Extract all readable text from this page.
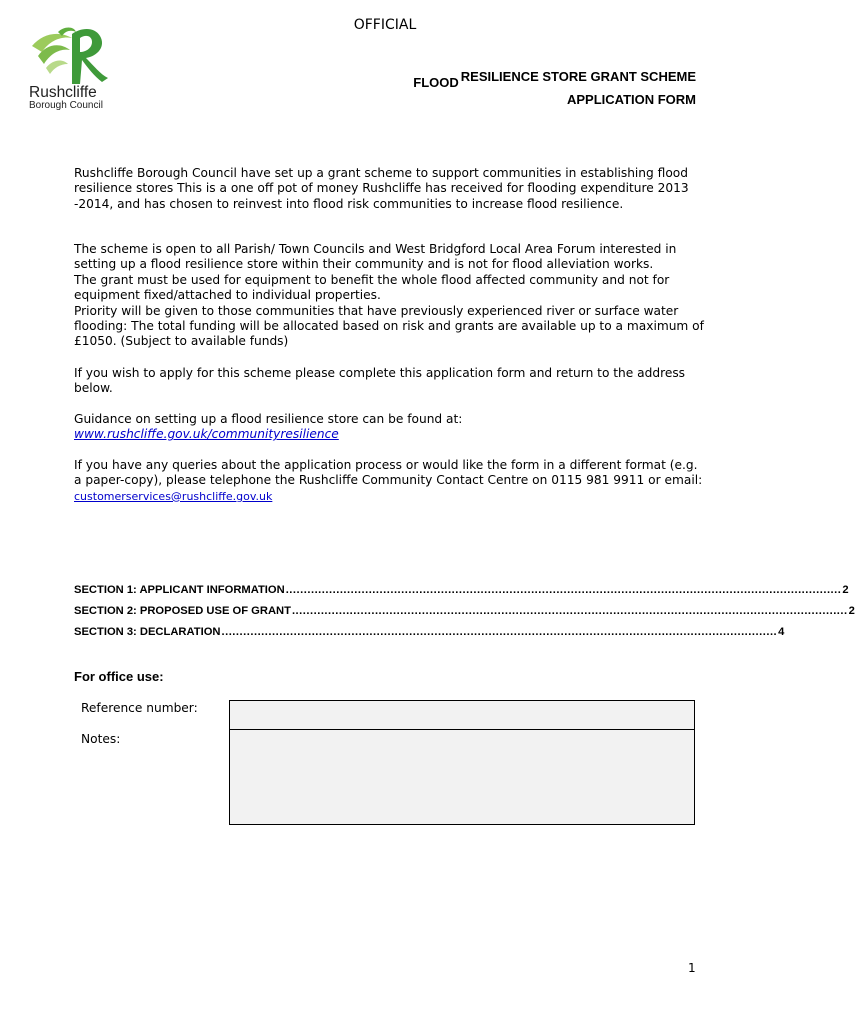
OFFICIAL
Rushcliffe
Borough Council
FLOOD RESILIENCE STORE GRANT SCHEME
APPLICATION FORM

Rushcliffe Borough Council have set up a grant scheme to support communities in establishing flood resilience stores This is a one off pot of money Rushcliffe has received for flooding expenditure 2013 -2014, and has chosen to reinvest into flood risk communities to increase flood resilience.

The scheme is open to all Parish/ Town Councils and West Bridgford Local Area Forum interested in setting up a flood resilience store within their community and is not for flood alleviation works.

The grant must be used for equipment to benefit the whole flood affected community and not for equipment fixed/attached to individual properties.

Priority will be given to those communities that have previously experienced river or surface water flooding: The total funding will be allocated based on risk and grants are available up to a maximum of £1050. (Subject to available funds)

If you wish to apply for this scheme please complete this application form and return to the address below.

Guidance on setting up a flood resilience store can be found at:

www.rushcliffe.gov.uk/communityresilience

If you have any queries about the application process or would like the form in a different format (e.g. a paper-copy), please telephone the Rushcliffe Community Contact Centre on 0115 981 9911 or email: customerservices@rushcliffe.gov.uk

SECTION 1: APPLICANT INFORMATION .......................................................................................................................................................... 2
SECTION 2: PROPOSED USE OF GRANT .......................................................................................................................................................... 2
SECTION 3: DECLARATION .......................................................................................................................................................... 4
For office use:
Reference number:
Notes:
1
